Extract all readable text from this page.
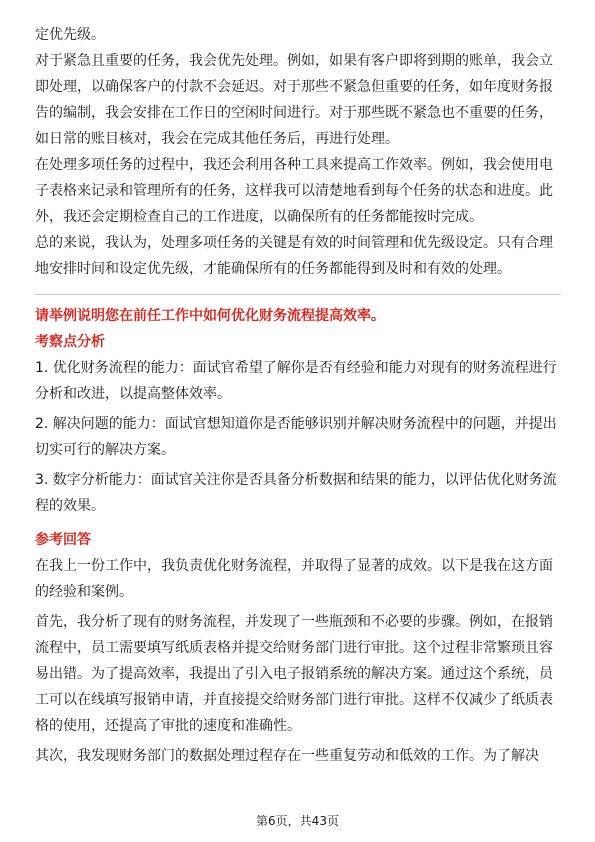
定优先级。

对于紧急且重要的任务，我会优先处理。例如，如果有客户即将到期的账单，我会立即处理，以确保客户的付款不会延迟。对于那些不紧急但重要的任务，如年度财务报告的编制，我会安排在工作日的空闲时间进行。对于那些既不紧急也不重要的任务，如日常的账目核对，我会在完成其他任务后，再进行处理。

在处理多项任务的过程中，我还会利用各种工具来提高工作效率。例如，我会使用电子表格来记录和管理所有的任务，这样我可以清楚地看到每个任务的状态和进度。此外，我还会定期检查自己的工作进度，以确保所有的任务都能按时完成。

总的来说，我认为，处理多项任务的关键是有效的时间管理和优先级设定。只有合理地安排时间和设定优先级，才能确保所有的任务都能得到及时和有效的处理。

请举例说明您在前任工作中如何优化财务流程提高效率。

考察点分析

1. 优化财务流程的能力：面试官希望了解你是否有经验和能力对现有的财务流程进行分析和改进，以提高整体效率。

2. 解决问题的能力：面试官想知道你是否能够识别并解决财务流程中的问题，并提出切实可行的解决方案。

3. 数字分析能力：面试官关注你是否具备分析数据和结果的能力，以评估优化财务流程的效果。

参考回答

在我上一份工作中，我负责优化财务流程，并取得了显著的成效。以下是我在这方面的经验和案例。

首先，我分析了现有的财务流程，并发现了一些瓶颈和不必要的步骤。例如，在报销流程中，员工需要填写纸质表格并提交给财务部门进行审批。这个过程非常繁琐且容易出错。为了提高效率，我提出了引入电子报销系统的解决方案。通过这个系统，员工可以在线填写报销申请，并直接提交给财务部门进行审批。这样不仅减少了纸质表格的使用，还提高了审批的速度和准确性。

其次，我发现财务部门的数据处理过程存在一些重复劳动和低效的工作。为了解决

第6页，共43页
